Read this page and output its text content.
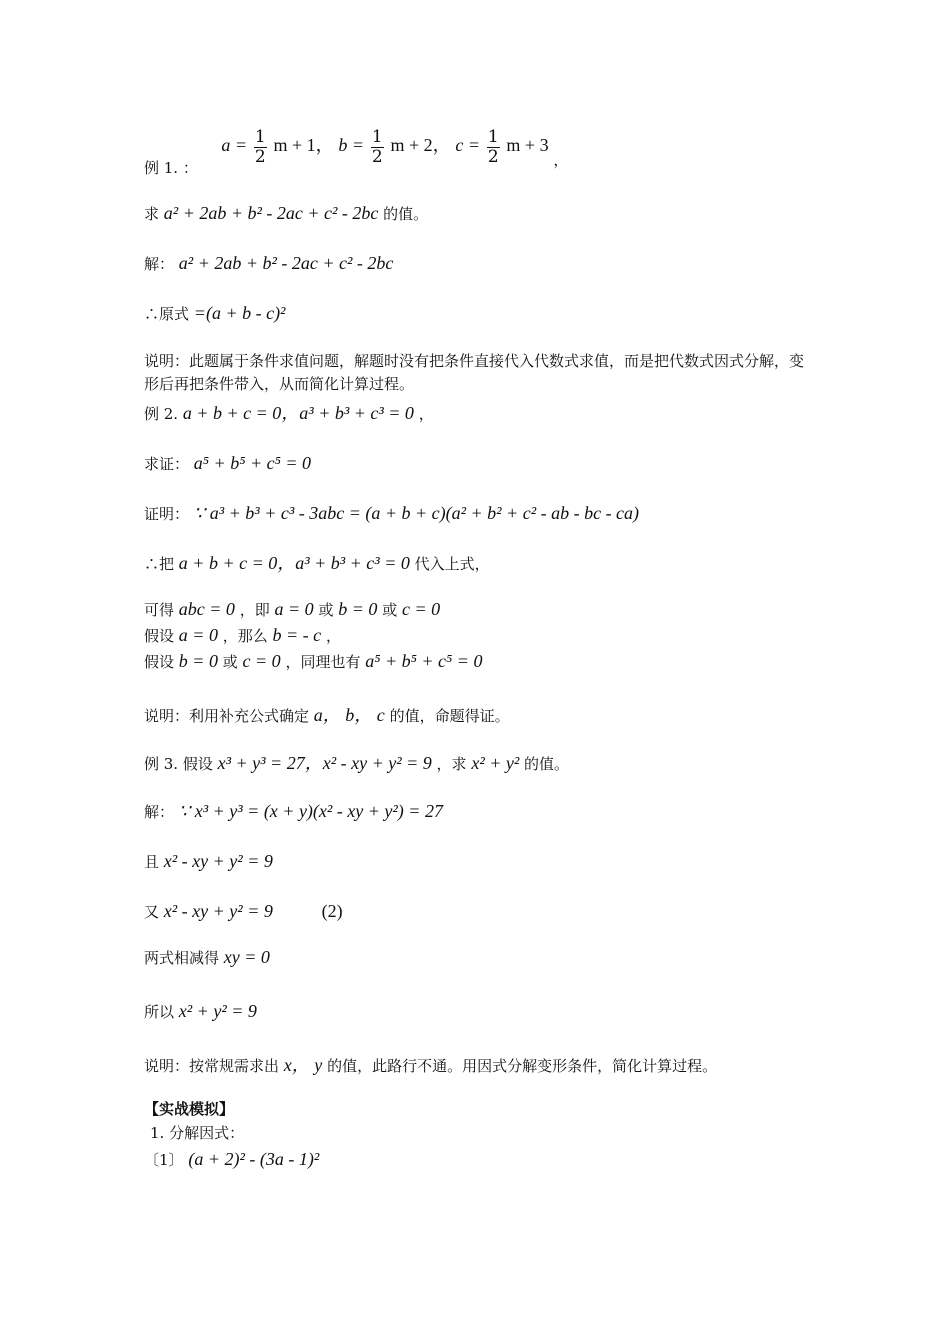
例 1. ：  $a = \frac{1}{2}$ m + 1， $b = \frac{1}{2}$ m + 2， $c = \frac{1}{2}$ m + 3 ，
求 a² + 2ab + b² - 2ac + c² - 2bc 的值。
解： a² + 2ab + b² - 2ac + c² - 2bc
∴原式 =(a + b - c)²
说明：此题属于条件求值问题，解题时没有把条件直接代入代数式求值，而是把代数式因式分解，变形后再把条件带入，从而简化计算过程。
例 2. a + b + c = 0，a³ + b³ + c³ = 0 ，
求证： a⁵ + b⁵ + c⁵ = 0
证明： ∵ a³ + b³ + c³ - 3abc = (a + b + c)(a² + b² + c² - ab - bc - ca)
∴把 a + b + c = 0，a³ + b³ + c³ = 0 代入上式，
可得 abc = 0 ，即 a = 0 或 b = 0 或 c = 0
假设 a = 0 ，那么 b = - c ，
假设 b = 0 或 c = 0 ，同理也有 a⁵ + b⁵ + c⁵ = 0
说明：利用补充公式确定 a， b， c 的值，命题得证。
例 3. 假设 x³ + y³ = 27，x² - xy + y² = 9 ，求 x² + y² 的值。
解： ∵ x³ + y³ = (x + y)(x² - xy + y²) = 27
且 x² - xy + y² = 9
又 x² - xy + y² = 9	(2)
两式相减得 xy = 0
所以 x² + y² = 9
说明：按常规需求出 x， y 的值，此路行不通。用因式分解变形条件，简化计算过程。
【实战模拟】
1. 分解因式：
〔1〕 (a + 2)² - (3a - 1)²
